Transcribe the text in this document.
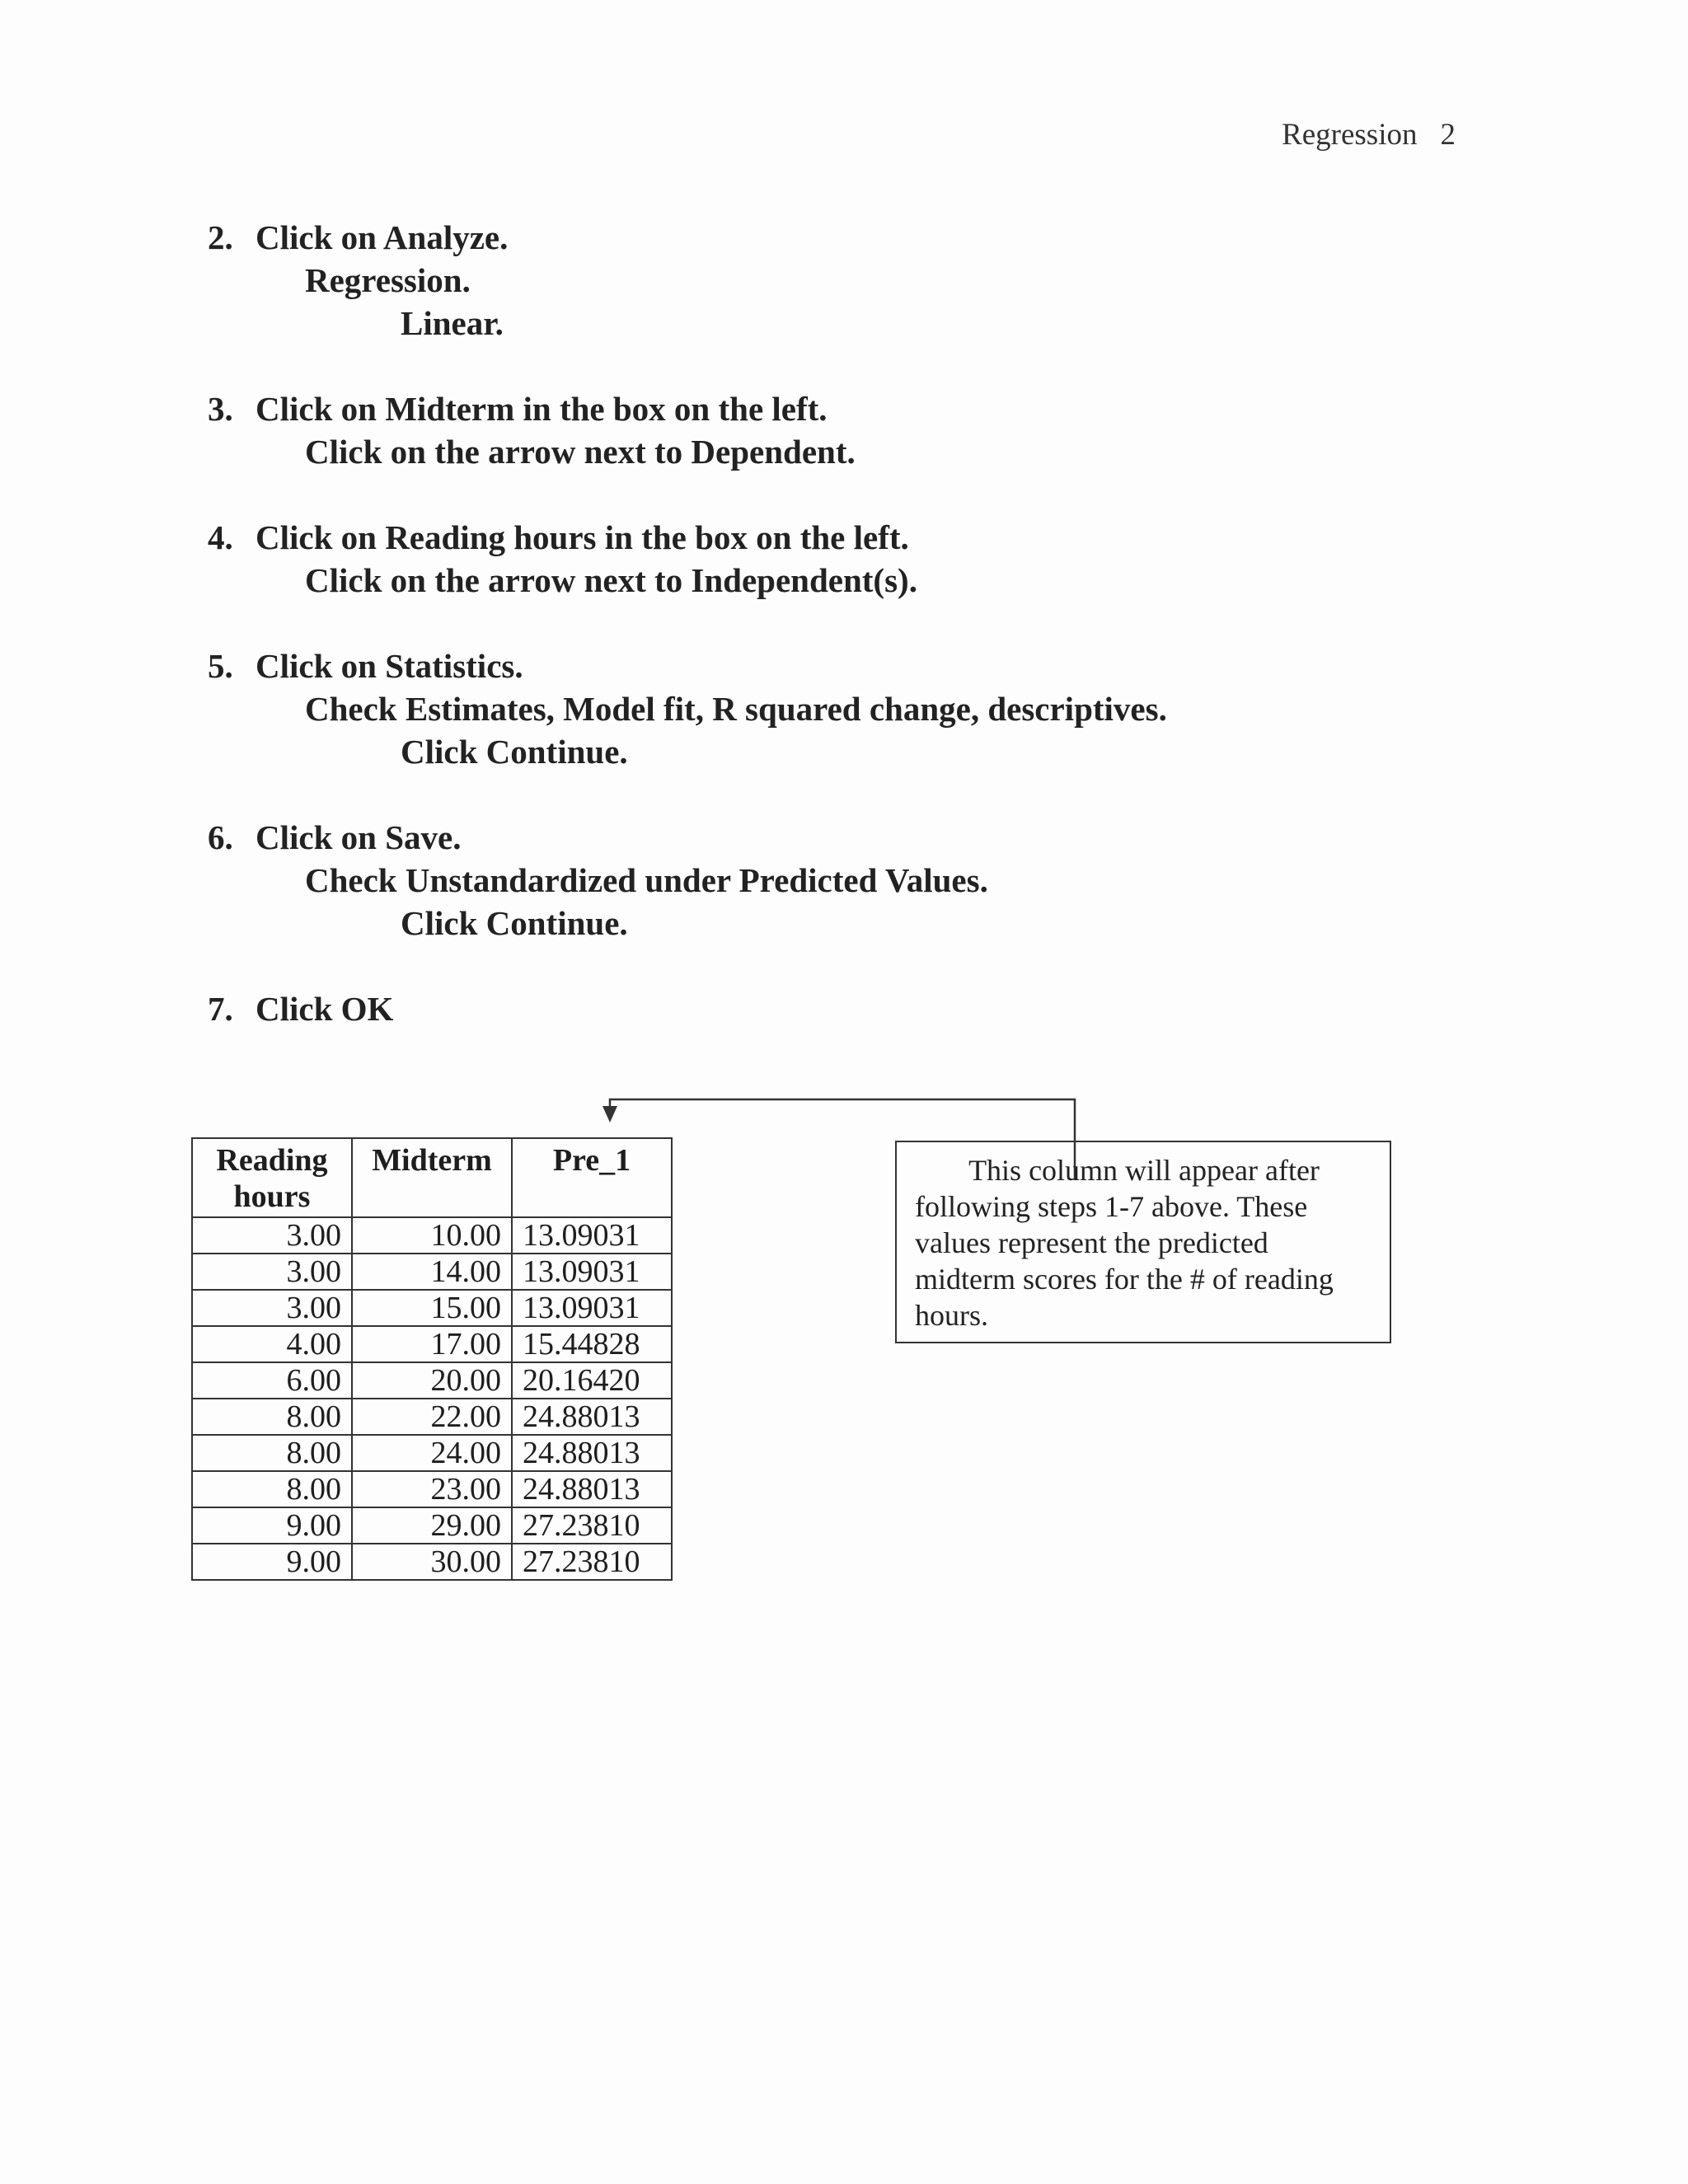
Regression 2
2. Click on Analyze.
Regression.
Linear.
3. Click on Midterm in the box on the left.
Click on the arrow next to Dependent.
4. Click on Reading hours in the box on the left.
Click on the arrow next to Independent(s).
5. Click on Statistics.
Check Estimates, Model fit, R squared change, descriptives.
Click Continue.
6. Click on Save.
Check Unstandardized under Predicted Values.
Click Continue.
7. Click OK
Reading
hours	Midterm	Pre_1
3.00	10.00	13.09031
3.00	14.00	13.09031
3.00	15.00	13.09031
4.00	17.00	15.44828
6.00	20.00	20.16420
8.00	22.00	24.88013
8.00	24.00	24.88013
8.00	23.00	24.88013
9.00	29.00	27.23810
9.00	30.00	27.23810
This column will appear after
following steps 1-7 above. These
values represent the predicted
midterm scores for the # of reading
hours.
